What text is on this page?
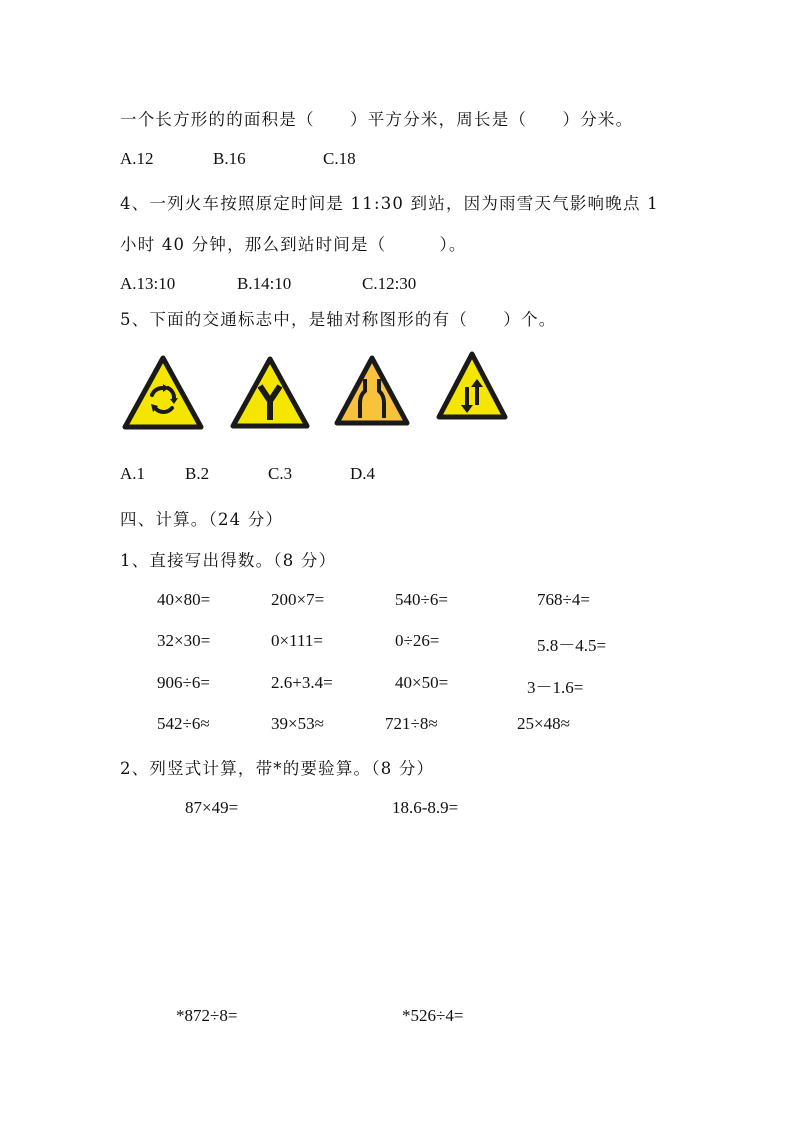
一个长方形的的面积是（　　）平方分米，周长是（　　）分米。
A.12	B.16	C.18
4、一列火车按照原定时间是 11:30 到站，因为雨雪天气影响晚点 1
小时 40 分钟，那么到站时间是（　　　）。
A.13:10	B.14:10	C.12:30
5、下面的交通标志中，是轴对称图形的有（　　）个。
A.1 B.2	C.3	D.4
四、计算。（24 分）
1、直接写出得数。（8 分）
40×80=	200×7=	540÷6=	768÷4=
32×30=	0×111=	0÷26=	5.8－4.5=
906÷6=	2.6+3.4=	40×50=	3－1.6=
542÷6≈	39×53≈	721÷8≈	25×48≈
2、列竖式计算，带*的要验算。（8 分）
87×49=	18.6-8.9=
*872÷8=	*526÷4=
